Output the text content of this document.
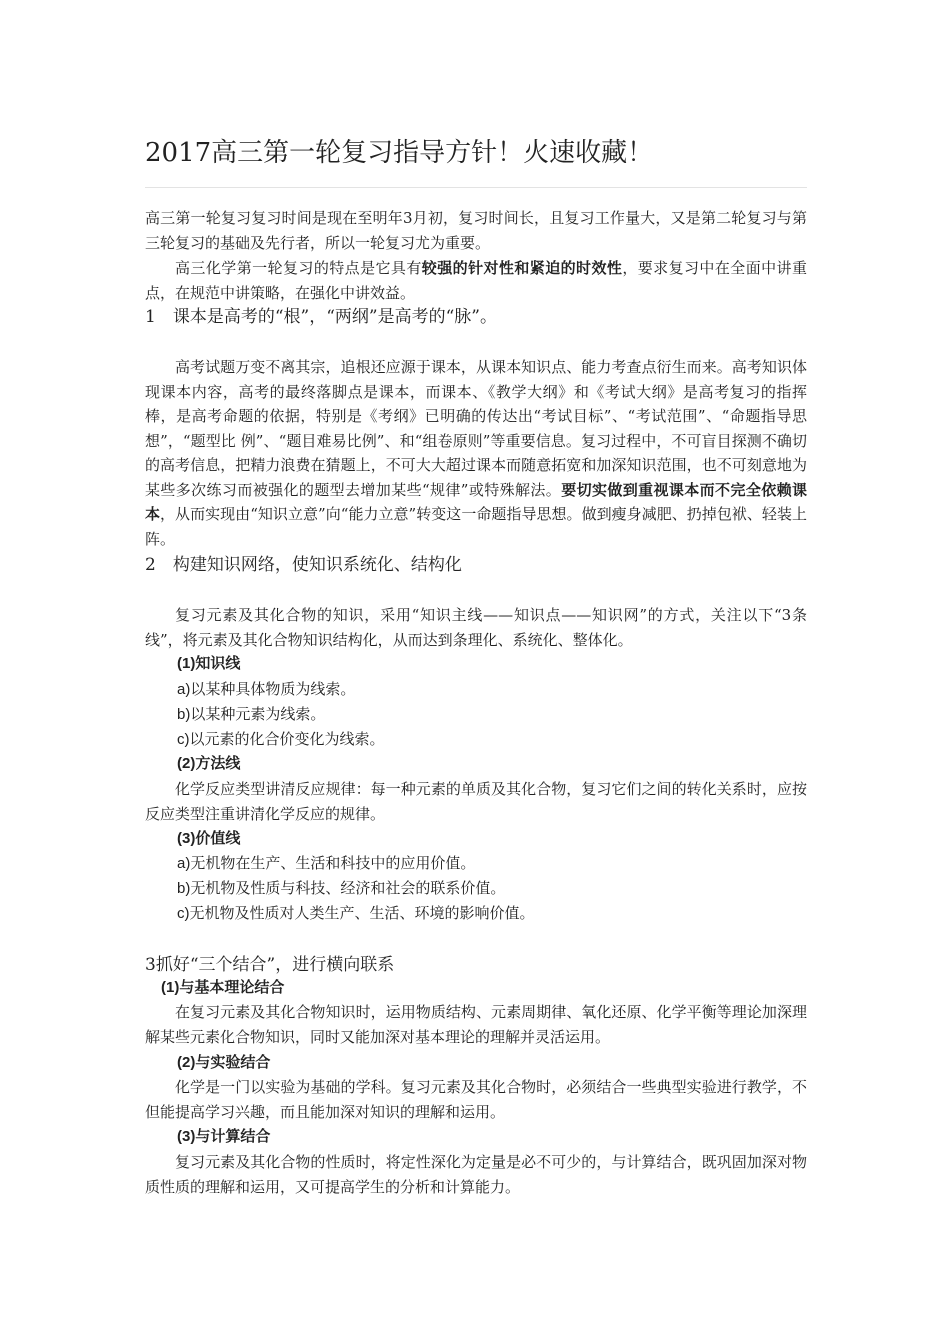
2017高三第一轮复习指导方针！火速收藏！
高三第一轮复习复习时间是现在至明年3月初，复习时间长，且复习工作量大，又是第二轮复习与第三轮复习的基础及先行者，所以一轮复习尤为重要。
高三化学第一轮复习的特点是它具有较强的针对性和紧迫的时效性，要求复习中在全面中讲重点，在规范中讲策略，在强化中讲效益。
1　课本是高考的“根”，“两纲”是高考的“脉”。
高考试题万变不离其宗，追根还应源于课本，从课本知识点、能力考查点衍生而来。高考知识体现课本内容，高考的最终落脚点是课本，而课本、《教学大纲》和《考试大纲》是高考复习的指挥棒，是高考命题的依据，特别是《考纲》已明确的传达出“考试目标”、“考试范围”、“命题指导思想”，“题型比 例”、“题目难易比例”、和“组卷原则”等重要信息。复习过程中，不可盲目探测不确切的高考信息，把精力浪费在猜题上，不可大大超过课本而随意拓宽和加深知识范围，也不可刻意地为某些多次练习而被强化的题型去增加某些“规律”或特殊解法。要切实做到重视课本而不完全依赖课本，从而实现由“知识立意”向“能力立意”转变这一命题指导思想。做到瘦身减肥、扔掉包袱、轻装上阵。
2　构建知识网络，使知识系统化、结构化
复习元素及其化合物的知识，采用“知识主线——知识点——知识网”的方式，关注以下“3条线”，将元素及其化合物知识结构化，从而达到条理化、系统化、整体化。
(1)知识线
a)以某种具体物质为线索。
b)以某种元素为线索。
c)以元素的化合价变化为线索。
(2)方法线
化学反应类型讲清反应规律：每一种元素的单质及其化合物，复习它们之间的转化关系时，应按反应类型注重讲清化学反应的规律。
(3)价值线
a)无机物在生产、生活和科技中的应用价值。
b)无机物及性质与科技、经济和社会的联系价值。
c)无机物及性质对人类生产、生活、环境的影响价值。
3抓好“三个结合”，进行横向联系
(1)与基本理论结合
在复习元素及其化合物知识时，运用物质结构、元素周期律、氧化还原、化学平衡等理论加深理解某些元素化合物知识，同时又能加深对基本理论的理解并灵活运用。
(2)与实验结合
化学是一门以实验为基础的学科。复习元素及其化合物时，必须结合一些典型实验进行教学，不但能提高学习兴趣，而且能加深对知识的理解和运用。
(3)与计算结合
复习元素及其化合物的性质时，将定性深化为定量是必不可少的，与计算结合，既巩固加深对物质性质的理解和运用，又可提高学生的分析和计算能力。
